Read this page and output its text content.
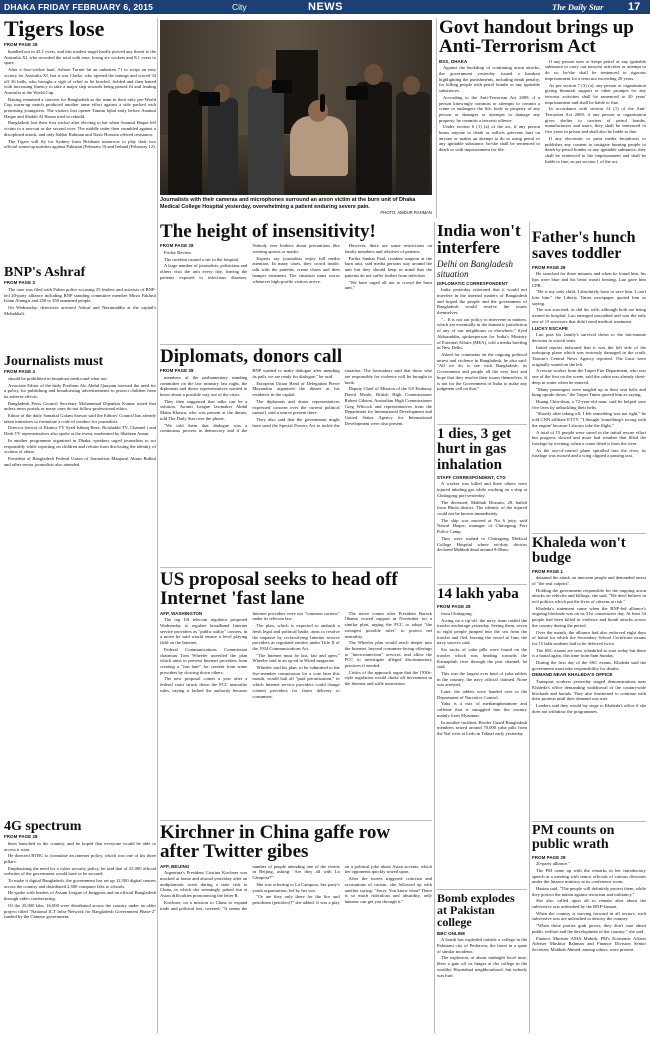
DHAKA FRIDAY FEBRUARY 6, 2015	City	NEWS	The Daily Star 17
Tigers lose
FROM PAGE 28

bundled out in 43.1 overs, and this modest target hardly proved any threat to the Australia XI, who recorded the total with ease, losing six wickets and 8.1 overs to spare.

After a four-wicket haul, Ashton Turner hit an unbeaten 71 to script an easy victory for Australia XI, but it was Clarke, who opened the innings and scored 34 off 36 balls, who brought a sigh of relief as he bowled, fielded and then batted with increasing fluency to take a major step towards being passed fit and leading Australia at the World Cup.

Batting remained a concern for Bangladesh as the team in their only pre-World Cup warm-up match produced another tame effort against a side packed with promising youngsters. The visitors lost opener Tamim Iqbal early before Anamul Haque and Shakib Al Hasan tried to rebuild.

Bangladesh lost their first wicket after electing to bat when Anamul Haque fell victim to a run-out as the second over. The middle order then crumbled against a disciplined attack, and only Sabbir Rahman and Nasir Hossain offered resistance.

The Tigers will fly for Sydney from Brisbane tomorrow to play their two official warm-up matches against Pakistan (February 9) and Ireland (February 12).

BNP's Ashraf
FROM PAGE 3

The case was filed with Paltan police accusing 35 leaders and activists of BNP-led 20-party alliance including BNP standing committee member Mirza Fakhrul Islam Alamgir and 250 to 350 unnamed people.

On Wednesday, detectives arrested Ashraf and Nazimuddin at the capital's Mohakhali.

Journalists must
FROM PAGE 4

should be prohibited in broadcast media and what not.

Associate Editor of the daily Prothom Alo Abdul Quayum stressed the need for a policy for publishing and broadcasting advertisements to protect children from its adverse effects.

Bangladesh Press Council Secretary Mohammad Dipankar Kumar noted that unless news portals or many ones do not follow professional ethics.

Editor of the daily Samakal Golam Sarwar said the Editors' Council has already taken initiatives to formulate a code of conduct for journalists.

Director (news) of Ekattor TV Syed Ishtiaq Reza, Boishakhi TV, Channel i and Desh TV representatives also spoke at the event, moderated by Shaheen Anam.

In another programme organised in Dhaka, speakers urged journalists to act responsibly while reporting on children and refrain from disclosing the identity of victims of abuse.

President of Bangladesh Federal Union of Journalists Manjurul Ahsan Bulbul and other senior journalists also attended.

4G spectrum
FROM PAGE 28

been launched in the country, and he hoped that everyone would be able to access it soon.

He directed BTRC to formulate an internet policy, which was one of his three pillars.

Emphasising the need for a cyber security policy, he said that of 25,000 official websites of the government would have to be secured.

To make it digital Bangladesh, the government has set up 12,500 digital centres across the country and distributed 2,500 computer labs to schools.

He spoke with leaders of Assam League of Jungpons and an official Bangladesh through video conferencing.

Of the 25,000 labs, 16,000 were distributed across the country under an older project titled "National ICT Infra-Network for Bangladesh Government Phase-2" funded by the Chinese government.

Journalists with their cameras and microphones surround an arson victim at the burn unit of Dhaka Medical College Hospital yesterday, overwhelming a patient enduring severe pain.
PHOTO: AMDUR RAHMAN
The height of insensitivity!
FROM PAGE 28

Friday Review.

The incident caused a stir in the hospital.

A large number of journalists, politicians and others visit the unit every day, leaving the patients exposed to infectious diseases. Nobody ever bothers about precautions like wearing aprons or masks.

Experts say journalists enjoy full media attention. In many cases, they crowd inside, talk with the patients, create chaos and then hamper treatment. The situation turns worse whenever high-profile visitors arrive.

However, there are some restrictions on family members and relatives of patients.

Partha Sankar Paul, resident surgeon at the burn unit, said media persons stay around the unit but they should keep in mind that the patients do not suffer further from infection.

"We have urged all not to crowd the burn unit."

India won't interfere
Delhi on Bangladesh situation
DIPLOMATIC CORRESPONDENT

India yesterday reiterated that it would not interfere in the internal matters of Bangladesh and hoped the people and the government of Bangladesh would resolve the issues themselves.

"... It is not our policy to intervene in matters, which are essentially in the domestic jurisdiction of any of our neighbours or elsewhere," Syed Akbaruddin, spokesperson for India's Ministry of External Affairs (MEA), told a media briefing in New Delhi.

Asked for comments on the ongoing political unrest and violence in Bangladesh, he also said: "All we do is see with Bangladesh, its Government and people all the very best and hope that they resolve their issues themselves. It is not for the Government of India to make any judgment call on that."

Diplomats, donors call
FROM PAGE 28

members of the parliamentary standing committee on the law ministry last night, the diplomats and donor representatives wanted to know about a possible way out of the crisis.

They then suggested that talks can be a solution, Awami League lawmaker Abdul Matin Khasru, who was present at the dinner, told The Daily Star over the phone.

"We told them that dialogue was a continuous process in democracy and if the BNP wanted to make dialogue after mending its path, we are ready for dialogue," he said.

European Union Head of Delegation Pierre Mayaudon organised the dinner at his residence in the capital.

The diplomats and donor representatives expressed concern over the current political turmoil, said a source present there.

They also said that the government might have used the Special Powers Act to tackle the situation. The lawmakers said that those who are responsible for violence will be brought to book.

Deputy Chief of Mission of the US Embassy David Meale, British High Commissioner Robert Gibson, Australian High Commissioner Greg Wilcock and representatives from the Department for International Development and United States Agency for International Development were also present.

US proposal seeks to head off Internet 'fast lane
AFP, WASHINGTON

The top US telecom regulator proposed Wednesday to regulate broadband Internet service providers as "public utility" carriers, in a move he said would ensure a level playing field on the Internet.

Federal Communications Commission chairman Tom Wheeler unveiled the plan which aims to prevent Internet providers from creating a "fast lane" for content from some providers by slowing down others.

The new proposal comes a year after a federal court struck down the FCC neutrality rules, saying it lacked the authority because Internet providers were not "common carriers" under its telecom law.

The plan, which is expected to ambush a fresh legal and political battle, aims to resolve the impasse by reclassifying Internet service providers as regulated entities under Title II of the 1934 Communications Act.

"The Internet must be fast, fair and open," Wheeler said in an op-ed in Wired magazine.

Wheeler said his plan, to be submitted to the five-member commission for a vote later this month, would halt all "paid prioritization," in which Internet service providers could charge content providers for faster delivery to consumers.

The move comes after President Barack Obama voiced support in November for a similar plan, urging the FCC to adopt "the strongest possible rules" to protect net neutrality.

The Wheeler plan would reach deeper into the Internet, beyond consumer-facing offerings to "interconnection" services, and allow the FCC to investigate alleged discriminatory practices if needed.

Critics of the approach argue that the 1930s-style regulation would choke off investment in the Internet and stifle innovation.

Kirchner in China gaffe row after Twitter gibes
AFP, BEIJING

Argentina's President Cristina Kirchner was mocked at home and abroad yesterday after an undiplomatic tweet during a state visit to China, in which she seemingly poked fun at Asian difficulties pronouncing the letter R.

Kirchner, on a mission to China to expand trade and political ties, tweeted: "It seems the number of people attending one of the events in Beijing, asking: 'Are they all with La Cámpora?'"

She was referring to La Campora, her party's youth organisation, led by her son.

"Or are they only there for the lice and petroleum (petroleo)?" she added. It was a play on a political joke about Asian accents, which her opponents quickly seized upon.

After the tweets triggered criticism and accusations of racism, she followed up with another saying: "Sorry. You know what? There is so much ridiculous and absurdity, only humour can get you through it."

1 dies, 3 get hurt in gas inhalation
STAFF CORRESPONDENT, CTG

A worker was killed and three others were injured inhaling gas while working on a ship at Chittagong port yesterday.

The deceased, Mahbub Hossain, 28, hailed from Bhola district. The identity of the injured could not be known immediately.

The ship was moored at No 6 jetty, said Nasrul Haque, manager of Chittagong Port Police Camp.

They were rushed to Chittagong Medical College Hospital where on-duty doctors declared Mahbub dead around 9:00am.

14 lakh yaba
FROM PAGE 28

from Chittagong.

Acting on a tip-off, the navy team raided the trawler anchorage yesterday. Seeing them, seven to eight people jumped into the sea from the trawler and fled, leaving the vessel at 1am, the navy sources said.

Six sacks of yaba pills were found on the trawler which was heading towards the Karnaphuli river through the port channel, he said.

This was the largest ever haul of yaba tablets in the country, the navy official claimed. None was arrested.

Later, the tablets were handed over to the Department of Narcotics Control.

Yaba is a mix of methamphetamine and caffeine that is smuggled into the country mainly from Myanmar.

In another incident, Border Guard Bangladesh members seized around 70,000 yaba pills from the Naf river at Ledo in Teknaf early yesterday.

Bomb explodes at Pakistan college
BBC ONLINE

A bomb has exploded outside a college in the Pakistani city of Peshawar, the latest in a spate of similar incidents.

The explosion, at about midnight local time, blew a gate off its hinges at the college in the wealthy Hayatabad neighbourhood, but nobody was hurt.

Govt handout brings up Anti-Terrorism Act
BSS, DHAKA

Against the backdrop of continuing arson attacks, the government yesterday issued a handout highlighting the punishments, including death penalty, for killing people with petrol bombs or any ignitable substances.

According to the Anti-Terrorism Act 2009, if a person knowingly commits or attempts to commit a crime or endangers the life, body or property of any person or damages or attempts to damage any property, he commits a terrorist offence.

Under section 6 (1) (a) of the act, if any person burns anyone to death or inflicts grievous hurt on anyone or makes an attempt to do so using petrol or any ignitable substance, he/she shall be sentenced to death or with imprisonment for life.

If any person uses or keeps petrol or any ignitable substance to carry out terrorist activities or attempt to do so, he/she shall be sentenced to rigorous imprisonment for a term not exceeding 20 years.

As per section 7 (3) (a), any person or organisation giving financial support or other prompts for any terrorist activities shall be sentenced to 20 years' imprisonment and shall be liable to fine.

In accordance with section 14 (1) of the Anti-Terrorism Act 2009, if any person or organisation gives shelter to carriers of petrol bombs, manufacturers and users, they shall be sentenced to five years in prison and shall also be liable to fine.

If any electronic or print media broadcasts or publishes any content to instigate burning people to death by petrol bombs or any ignitable substance, they shall be sentenced to life imprisonment and shall be liable to fine, as per section 1 of the act.

Father's hunch saves toddler
FROM PAGE 28

He searched for three minutes and when he found him, his lips were blue and his heart wasn't beating. Luo gave him CPR.

"He is my only child, I absolutely have to save him. I can't lose him," the Liberty Times newspaper quoted him as saying.

The son survived, as did his wife, although both are being treated in hospital. Luo emerged unscathed and was the only one of 15 survivors that didn't need medical treatment.

LUCKY ESCAPE

Luo puts his family's survival down to the last-minute decision to switch seats.

Initial reports indicated that it was the left side of the turboprop plane which was seriously damaged in the crash, Taiwan's Central News Agency reported. The Luos were originally seated on the left.

A rescue worker from the Taipei Fire Department, who was one of the first on the scene, said the cabin was already chest-deep in water when he entered.

"Many passengers were tangled up in their seat belts and hung upside down," the Taipei Times quoted him as saying.

Huang Chin-shun, a 72-year-old man, said he helped save five lives by unbuckling their belts.

"Shortly after taking off, I felt something was not right," he told CNN affiliate ETTV. "I thought 'something's wrong with the engine' because I always take the flight."

A total of 15 people were saved in the initial rescue effort but progress slowed and more bad weather that filled the fuselage by evening, when a crane lifted it from the river.

As the out-of-control plane spiralled into the river, its fuselage was twisted and a wing clipped a passing taxi.

Khaleda won't budge
FROM PAGE 1

detained the attack on innocent people and demanded arrest of "the real culprits".

Holding the government responsible for the ongoing arson attacks on vehicles and killings, she said, "We don't believe in evil politics which put the lives of citizens at risk."

Khaleda's statement came when the BNP-led alliance's ongoing blockade was on its 31st consecutive day. At least 54 people had been killed in violence and bomb attacks across the country during the period.

Over the month, the alliance had also enforced eight days of hartal for which the Secondary School Certificate exams for 15 lakh students had to be deferred twice.

The SSC exams are now scheduled to start today but there is a hartal again, this time from 6am Sunday.

During the first day of the SSC exams, Khaleda said the government must take responsibility for deaths.

DEMAND NEAR KHALEDA'S OFFICE

Transport workers yesterday staged demonstrations near Khaleda's office demanding withdrawal of the countrywide blockade and hartals. They also threatened to continue with their protests until their demand was met.

Leaders said they would lay siege to Khaleda's office if she does not withdraw the programmes.

PM counts on public wrath
FROM PAGE 28

20-party alliance."

The PM came up with the remarks in her introductory speech at a meeting with senior officials of various divisions under the finance ministry at its conference room.

Hasina said, "The people will definitely protect them, while they protect the nation against terrorism and militancy."

She also called upon all to remain alert about the subversive acts unleashed by the BNP-Jamaat.

When the country is moving forward in all sectors, such subversive acts are unleashed to destroy the country.

"When these parties grab power, they don't care about public welfare and the development of the country," she said.

Finance Minister AMA Muhith, PM's Economic Affairs Adviser Mashiur Rahman and Finance Division Senior Secretary Mahbub Ahmed, among others, were present.
